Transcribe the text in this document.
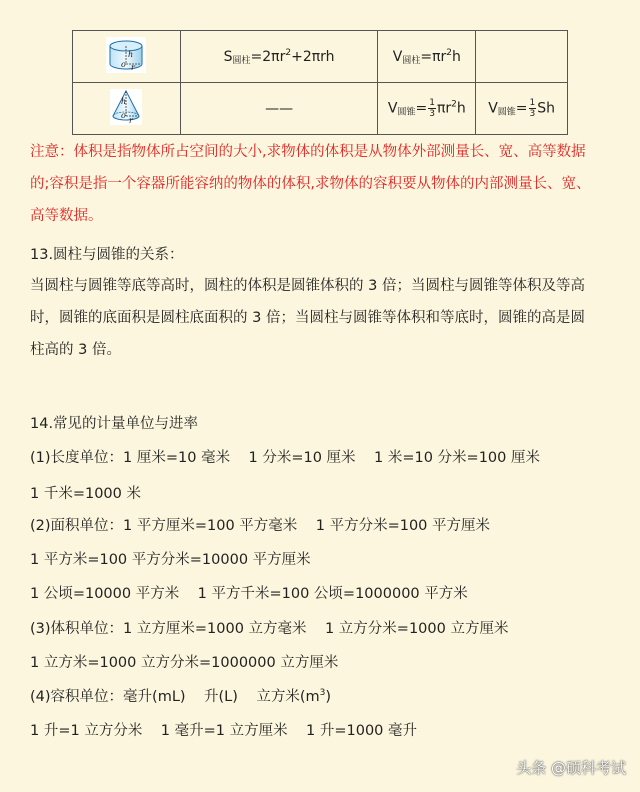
h
o r	$S_{圆柱}=2\pi r^2+2\pi rh$	$V_{圆柱}=\pi r^2h$	

h
o
r	——	$V_{圆锥}= \frac{1}{3} \pi r^2h$	$V_{圆锥}= \frac{1}{3}$ Sh
注意：体积是指物体所占空间的大小,求物体的体积是从物体外部测量长、宽、高等数据
的;容积是指一个容器所能容纳的物体的体积,求物体的容积要从物体的内部测量长、宽、
高等数据。
13.圆柱与圆锥的关系：
当圆柱与圆锥等底等高时，圆柱的体积是圆锥体积的 3 倍；当圆柱与圆锥等体积及等高
时，圆锥的底面积是圆柱底面积的 3 倍；当圆柱与圆锥等体积和等底时，圆锥的高是圆
柱高的 3 倍。
14.常见的计量单位与进率
(1)长度单位：1 厘米=10 毫米    1 分米=10 厘米    1 米=10 分米=100 厘米
1 千米=1000 米
(2)面积单位：1 平方厘米=100 平方毫米    1 平方分米=100 平方厘米
1 平方米=100 平方分米=10000 平方厘米
1 公顷=10000 平方米    1 平方千米=100 公顷=1000000 平方米
(3)体积单位：1 立方厘米=1000 立方毫米    1 立方分米=1000 立方厘米
1 立方米=1000 立方分米=1000000 立方厘米
(4)容积单位：毫升(mL)    升(L)    立方米$(m^3)$
1 升=1 立方分米    1 毫升=1 立方厘米    1 升=1000 毫升
头条 @硕科考试
